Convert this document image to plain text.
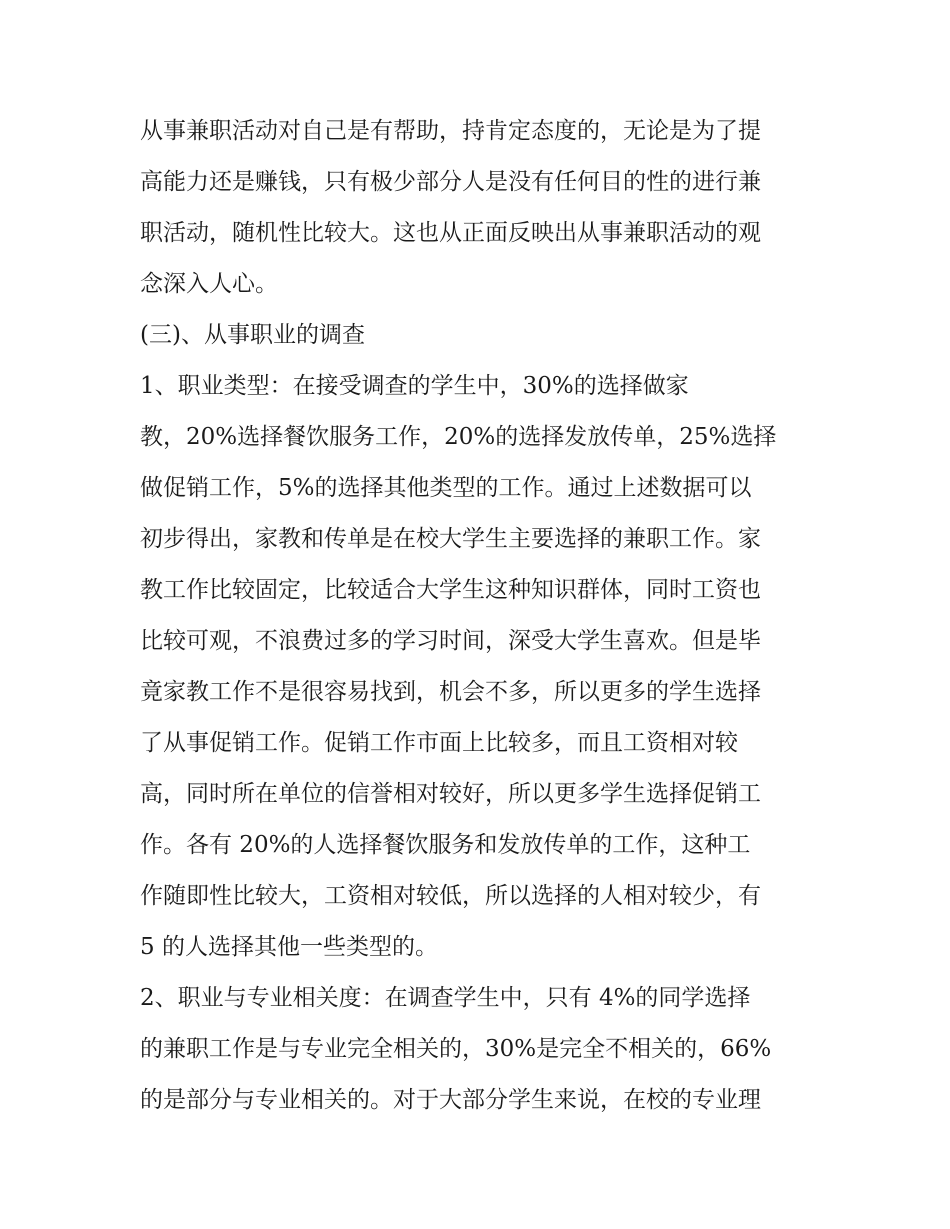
从事兼职活动对自己是有帮助，持肯定态度的，无论是为了提
高能力还是赚钱，只有极少部分人是没有任何目的性的进行兼
职活动，随机性比较大。这也从正面反映出从事兼职活动的观
念深入人心。
(三)、从事职业的调查
1、职业类型：在接受调查的学生中，30%的选择做家
教，20%选择餐饮服务工作，20%的选择发放传单，25%选择
做促销工作，5%的选择其他类型的工作。通过上述数据可以
初步得出，家教和传单是在校大学生主要选择的兼职工作。家
教工作比较固定，比较适合大学生这种知识群体，同时工资也
比较可观，不浪费过多的学习时间，深受大学生喜欢。但是毕
竟家教工作不是很容易找到，机会不多，所以更多的学生选择
了从事促销工作。促销工作市面上比较多，而且工资相对较
高，同时所在单位的信誉相对较好，所以更多学生选择促销工
作。各有 20%的人选择餐饮服务和发放传单的工作，这种工
作随即性比较大，工资相对较低，所以选择的人相对较少，有
5 的人选择其他一些类型的。
2、职业与专业相关度：在调查学生中，只有 4%的同学选择
的兼职工作是与专业完全相关的，30%是完全不相关的，66%
的是部分与专业相关的。对于大部分学生来说，在校的专业理
